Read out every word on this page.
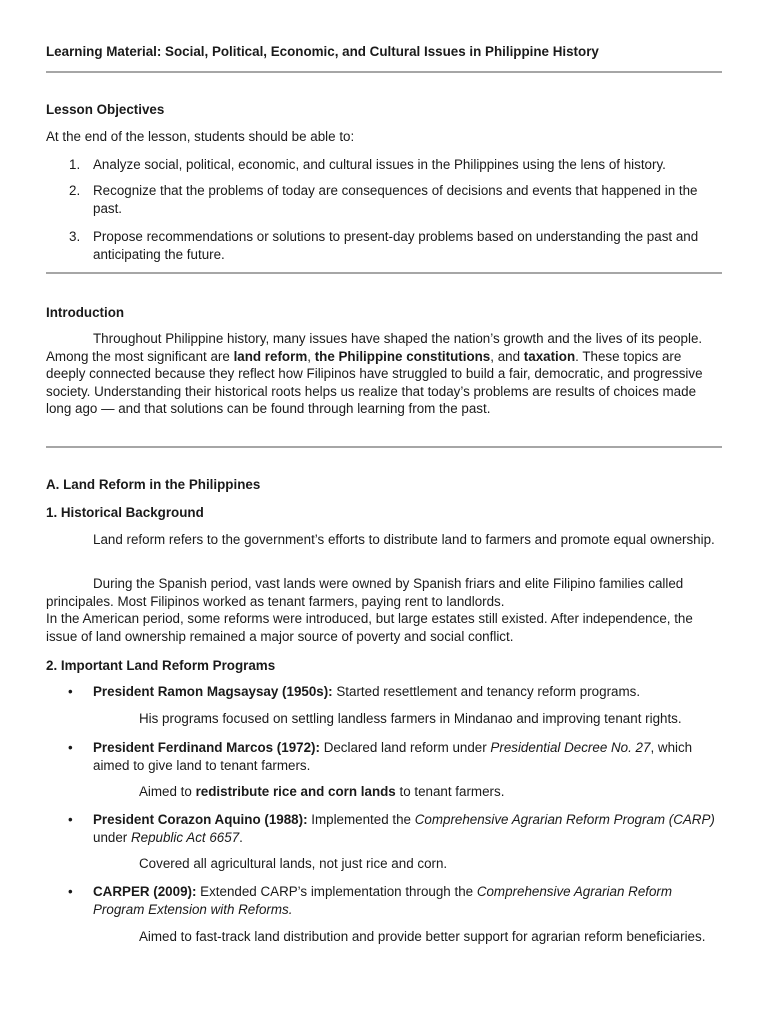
Learning Material: Social, Political, Economic, and Cultural Issues in Philippine History
Lesson Objectives
At the end of the lesson, students should be able to:
1. Analyze social, political, economic, and cultural issues in the Philippines using the lens of history.
2. Recognize that the problems of today are consequences of decisions and events that happened in the past.
3. Propose recommendations or solutions to present-day problems based on understanding the past and anticipating the future.
Introduction
Throughout Philippine history, many issues have shaped the nation’s growth and the lives of its people. Among the most significant are land reform, the Philippine constitutions, and taxation. These topics are deeply connected because they reflect how Filipinos have struggled to build a fair, democratic, and progressive society. Understanding their historical roots helps us realize that today’s problems are results of choices made long ago — and that solutions can be found through learning from the past.
A. Land Reform in the Philippines
1. Historical Background
Land reform refers to the government’s efforts to distribute land to farmers and promote equal ownership.
During the Spanish period, vast lands were owned by Spanish friars and elite Filipino families called principales. Most Filipinos worked as tenant farmers, paying rent to landlords.
In the American period, some reforms were introduced, but large estates still existed. After independence, the issue of land ownership remained a major source of poverty and social conflict.
2. Important Land Reform Programs
• President Ramon Magsaysay (1950s): Started resettlement and tenancy reform programs.
His programs focused on settling landless farmers in Mindanao and improving tenant rights.
• President Ferdinand Marcos (1972): Declared land reform under Presidential Decree No. 27, which aimed to give land to tenant farmers.
Aimed to redistribute rice and corn lands to tenant farmers.
• President Corazon Aquino (1988): Implemented the Comprehensive Agrarian Reform Program (CARP) under Republic Act 6657.
Covered all agricultural lands, not just rice and corn.
• CARPER (2009): Extended CARP’s implementation through the Comprehensive Agrarian Reform Program Extension with Reforms.
Aimed to fast-track land distribution and provide better support for agrarian reform beneficiaries.
